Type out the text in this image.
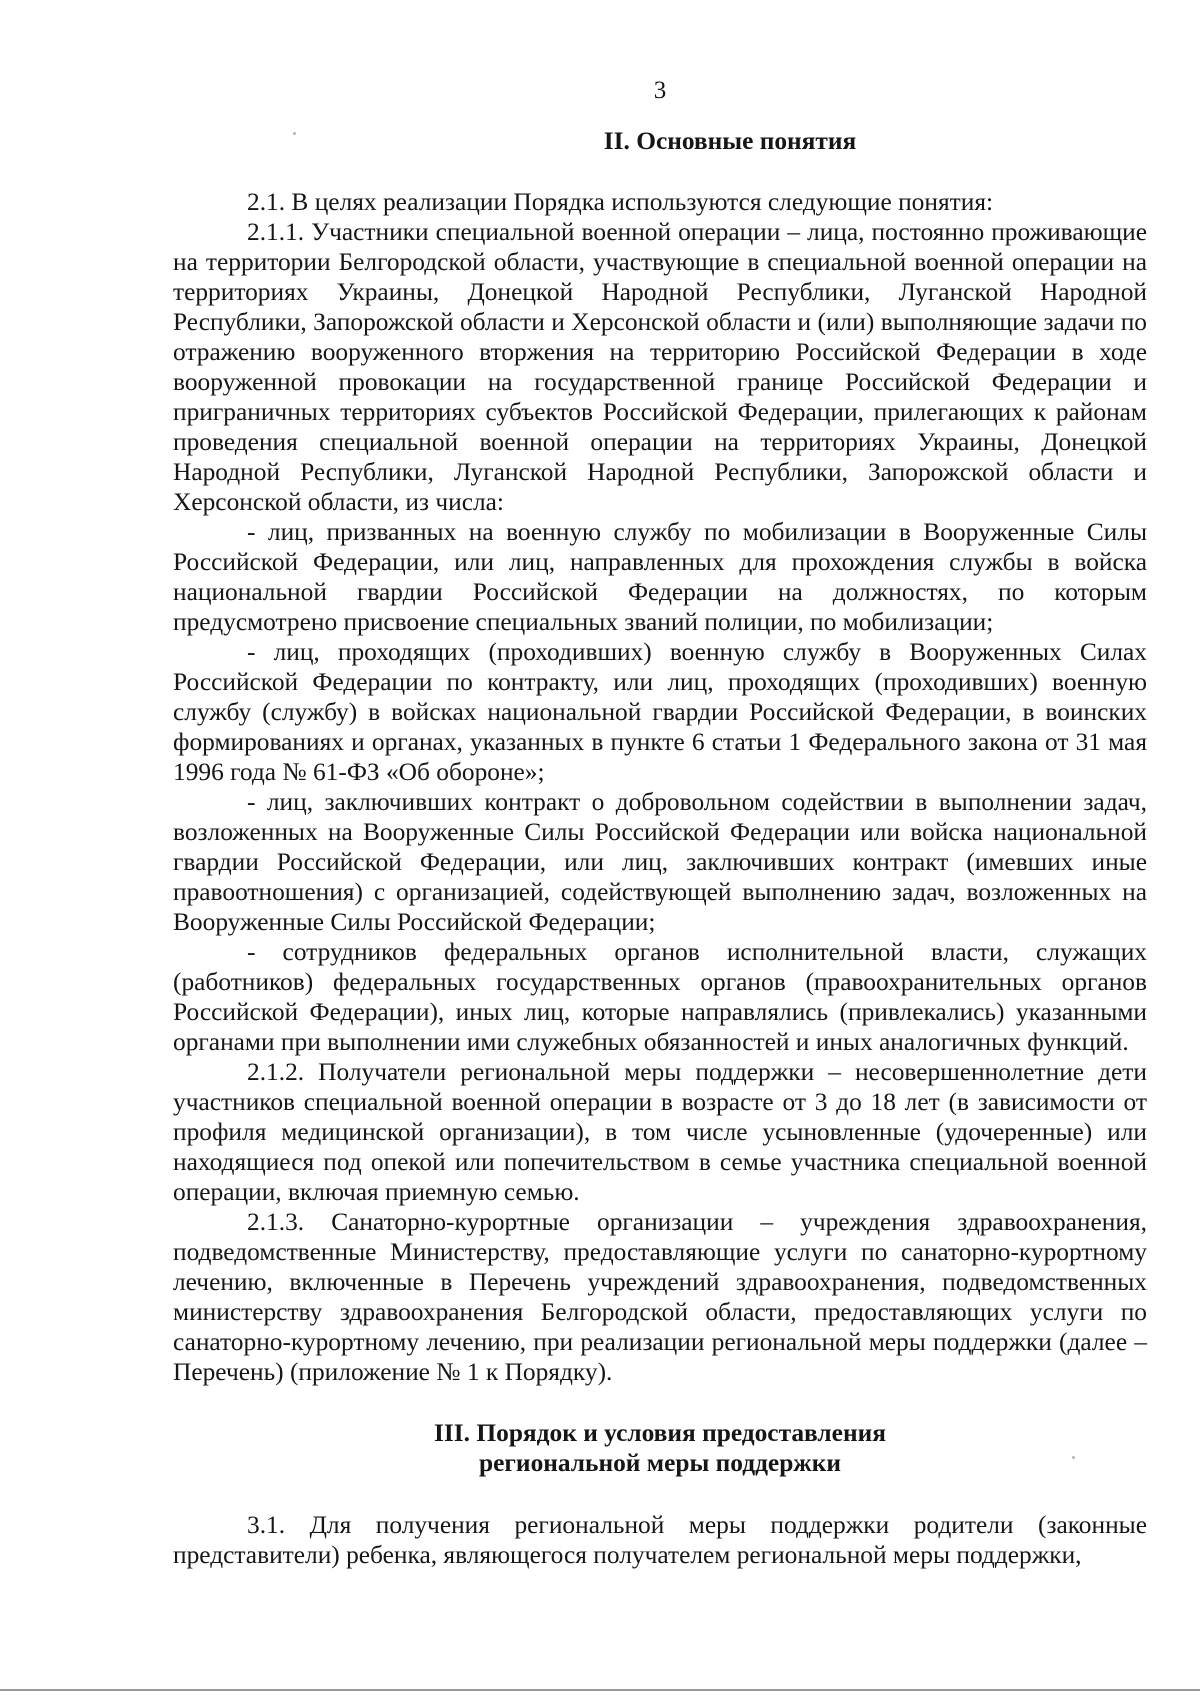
3

II. Основные понятия

2.1. В целях реализации Порядка используются следующие понятия:

2.1.1. Участники специальной военной операции – лица, постоянно проживающие на территории Белгородской области, участвующие в специальной военной операции на территориях Украины, Донецкой Народной Республики, Луганской Народной Республики, Запорожской области и Херсонской области и (или) выполняющие задачи по отражению вооруженного вторжения на территорию Российской Федерации в ходе вооруженной провокации на государственной границе Российской Федерации и приграничных территориях субъектов Российской Федерации, прилегающих к районам проведения специальной военной операции на территориях Украины, Донецкой Народной Республики, Луганской Народной Республики, Запорожской области и Херсонской области, из числа:

- лиц, призванных на военную службу по мобилизации в Вооруженные Силы Российской Федерации, или лиц, направленных для прохождения службы в войска национальной гвардии Российской Федерации на должностях, по которым предусмотрено присвоение специальных званий полиции, по мобилизации;

- лиц, проходящих (проходивших) военную службу в Вооруженных Силах Российской Федерации по контракту, или лиц, проходящих (проходивших) военную службу (службу) в войсках национальной гвардии Российской Федерации, в воинских формированиях и органах, указанных в пункте 6 статьи 1 Федерального закона от 31 мая 1996 года № 61-ФЗ «Об обороне»;

- лиц, заключивших контракт о добровольном содействии в выполнении задач, возложенных на Вооруженные Силы Российской Федерации или войска национальной гвардии Российской Федерации, или лиц, заключивших контракт (имевших иные правоотношения) с организацией, содействующей выполнению задач, возложенных на Вооруженные Силы Российской Федерации;

- сотрудников федеральных органов исполнительной власти, служащих (работников) федеральных государственных органов (правоохранительных органов Российской Федерации), иных лиц, которые направлялись (привлекались) указанными органами при выполнении ими служебных обязанностей и иных аналогичных функций.

2.1.2. Получатели региональной меры поддержки – несовершеннолетние дети участников специальной военной операции в возрасте от 3 до 18 лет (в зависимости от профиля медицинской организации), в том числе усыновленные (удочеренные) или находящиеся под опекой или попечительством в семье участника специальной военной операции, включая приемную семью.

2.1.3. Санаторно-курортные организации – учреждения здравоохранения, подведомственные Министерству, предоставляющие услуги по санаторно-курортному лечению, включенные в Перечень учреждений здравоохранения, подведомственных министерству здравоохранения Белгородской области, предоставляющих услуги по санаторно-курортному лечению, при реализации региональной меры поддержки (далее – Перечень) (приложение № 1 к Порядку).

III. Порядок и условия предоставления
региональной меры поддержки

3.1. Для получения региональной меры поддержки родители (законные представители) ребенка, являющегося получателем региональной меры поддержки,
